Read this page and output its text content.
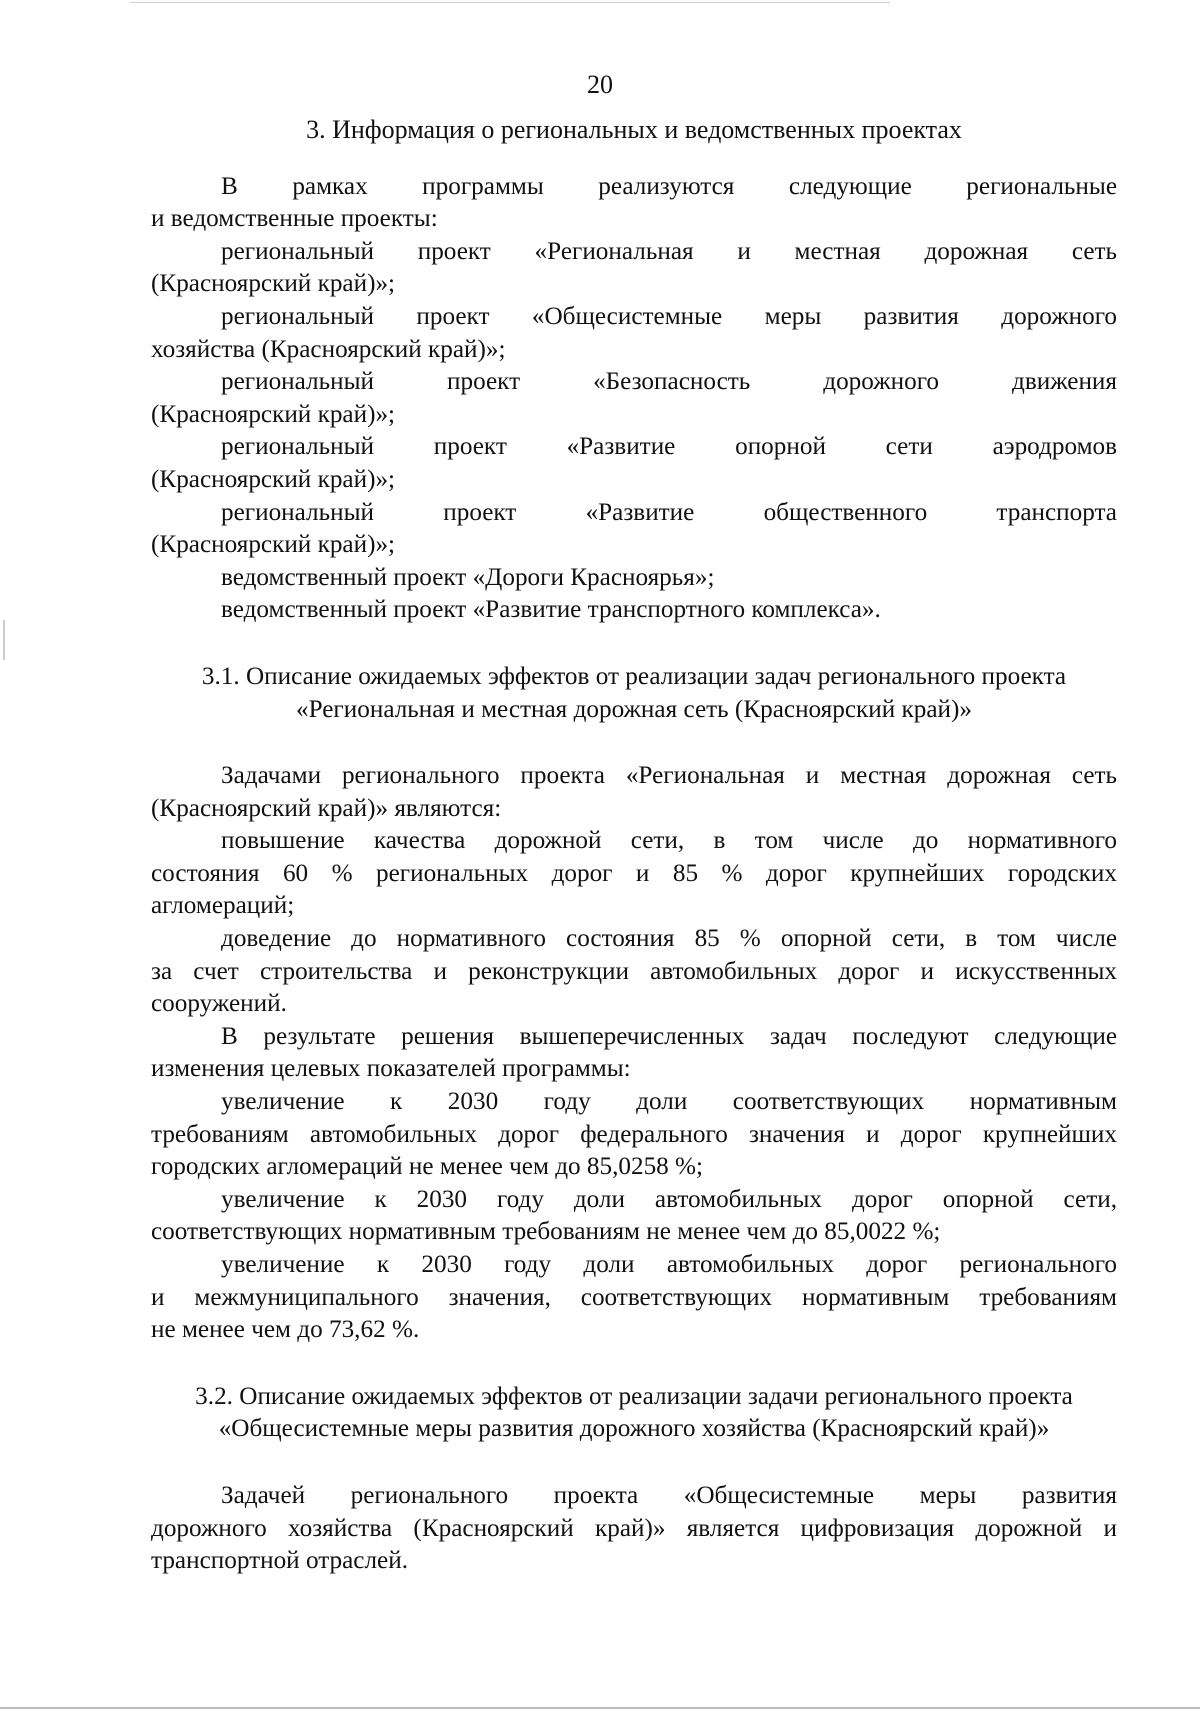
20

3. Информация о региональных и ведомственных проектах

В рамках программы реализуются следующие региональные

и ведомственные проекты:

региональный проект «Региональная и местная дорожная сеть

(Красноярский край)»;

региональный проект «Общесистемные меры развития дорожного

хозяйства (Красноярский край)»;

региональный проект «Безопасность дорожного движения

(Красноярский край)»;

региональный проект «Развитие опорной сети аэродромов

(Красноярский край)»;

региональный проект «Развитие общественного транспорта

(Красноярский край)»;

ведомственный проект «Дороги Красноярья»;

ведомственный проект «Развитие транспортного комплекса».

3.1. Описание ожидаемых эффектов от реализации задач регионального проекта

«Региональная и местная дорожная сеть (Красноярский край)»

Задачами регионального проекта «Региональная и местная дорожная сеть

(Красноярский край)» являются:

повышение качества дорожной сети, в том числе до нормативного

состояния 60 % региональных дорог и 85 % дорог крупнейших городских

агломераций;

доведение до нормативного состояния 85 % опорной сети, в том числе

за счет строительства и реконструкции автомобильных дорог и искусственных

сооружений.

В результате решения вышеперечисленных задач последуют следующие

изменения целевых показателей программы:

увеличение к 2030 году доли соответствующих нормативным

требованиям автомобильных дорог федерального значения и дорог крупнейших

городских агломераций не менее чем до 85,0258 %;

увеличение к 2030 году доли автомобильных дорог опорной сети,

соответствующих нормативным требованиям не менее чем до 85,0022 %;

увеличение к 2030 году доли автомобильных дорог регионального

и межмуниципального значения, соответствующих нормативным требованиям

не менее чем до 73,62 %.

3.2. Описание ожидаемых эффектов от реализации задачи регионального проекта

«Общесистемные меры развития дорожного хозяйства (Красноярский край)»

Задачей регионального проекта «Общесистемные меры развития

дорожного хозяйства (Красноярский край)» является цифровизация дорожной и

транспортной отраслей.
